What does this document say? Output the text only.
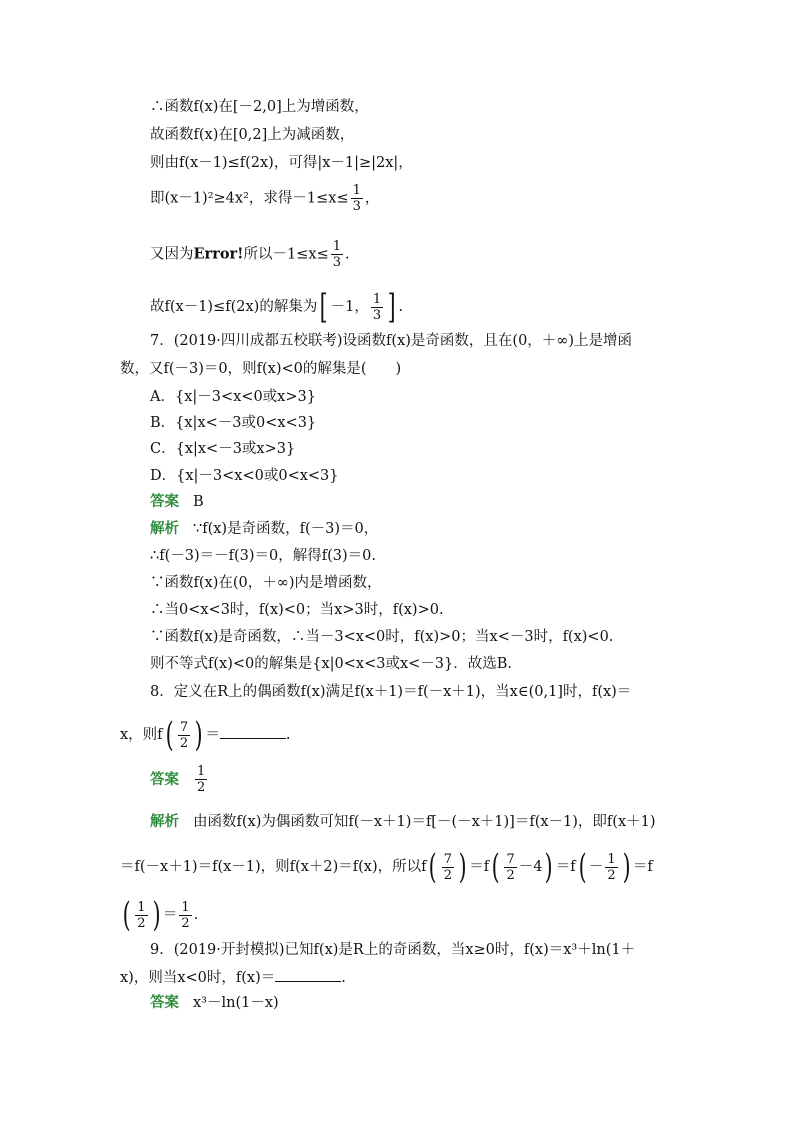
∴函数f(x)在[－2,0]上为增函数，
故函数f(x)在[0,2]上为减函数，
则由f(x－1)≤f(2x)，可得|x－1|≥|2x|，
即(x－1)²≥4x²，求得$-1\le x\le \frac{1}{3}$ ，
又因为Error!所以$-1\le x\le \frac{1}{3}$ .
故f(x－1)≤f(2x)的解集为[ －1， $\frac{1}{3}$ ] .
7．(2019·四川成都五校联考)设函数f(x)是奇函数，且在(0，＋∞)上是增函
数，又f(－3)＝0，则f(x)<0的解集是(　　)
A．{x|－3<x<0或x>3}
B．{x|x<－3或0<x<3}
C．{x|x<－3或x>3}
D．{x|－3<x<0或0<x<3}
答案 B
解析 ∵f(x)是奇函数，f(－3)＝0，
∴f(－3)＝－f(3)＝0，解得f(3)＝0.
∵函数f(x)在(0，＋∞)内是增函数，
∴当0<x<3时，f(x)<0；当x>3时，f(x)>0.
∵函数f(x)是奇函数，∴当－3<x<0时，f(x)>0；当x<－3时，f(x)<0.
则不等式f(x)<0的解集是{x|0<x<3或x<－3}．故选B.
8．定义在R上的偶函数f(x)满足f(x＋1)＝f(－x＋1)，当x∈(0,1]时，f(x)＝
x，则$f( \frac{7}{2}$ ) ＝	.
答案 $\frac{1}{2}$
解析 由函数f(x)为偶函数可知f(－x＋1)＝f[－(－x＋1)]＝f(x－1)，即f(x＋1)
＝f(－x＋1)＝f(x－1)，则f(x＋2)＝f(x)，所以$f( \frac{7}{2}$ ) $=f( \frac{7}{2} -4) =f( - \frac{1}{2}$ ) ＝f
( $\frac{1}{2}$ ) ＝ $\frac{1}{2}$ .
9．(2019·开封模拟)已知f(x)是R上的奇函数，当x≥0时，f(x)＝x³＋ln(1＋
x)，则当x<0时，f(x)＝	.
答案 x³－ln(1－x)
